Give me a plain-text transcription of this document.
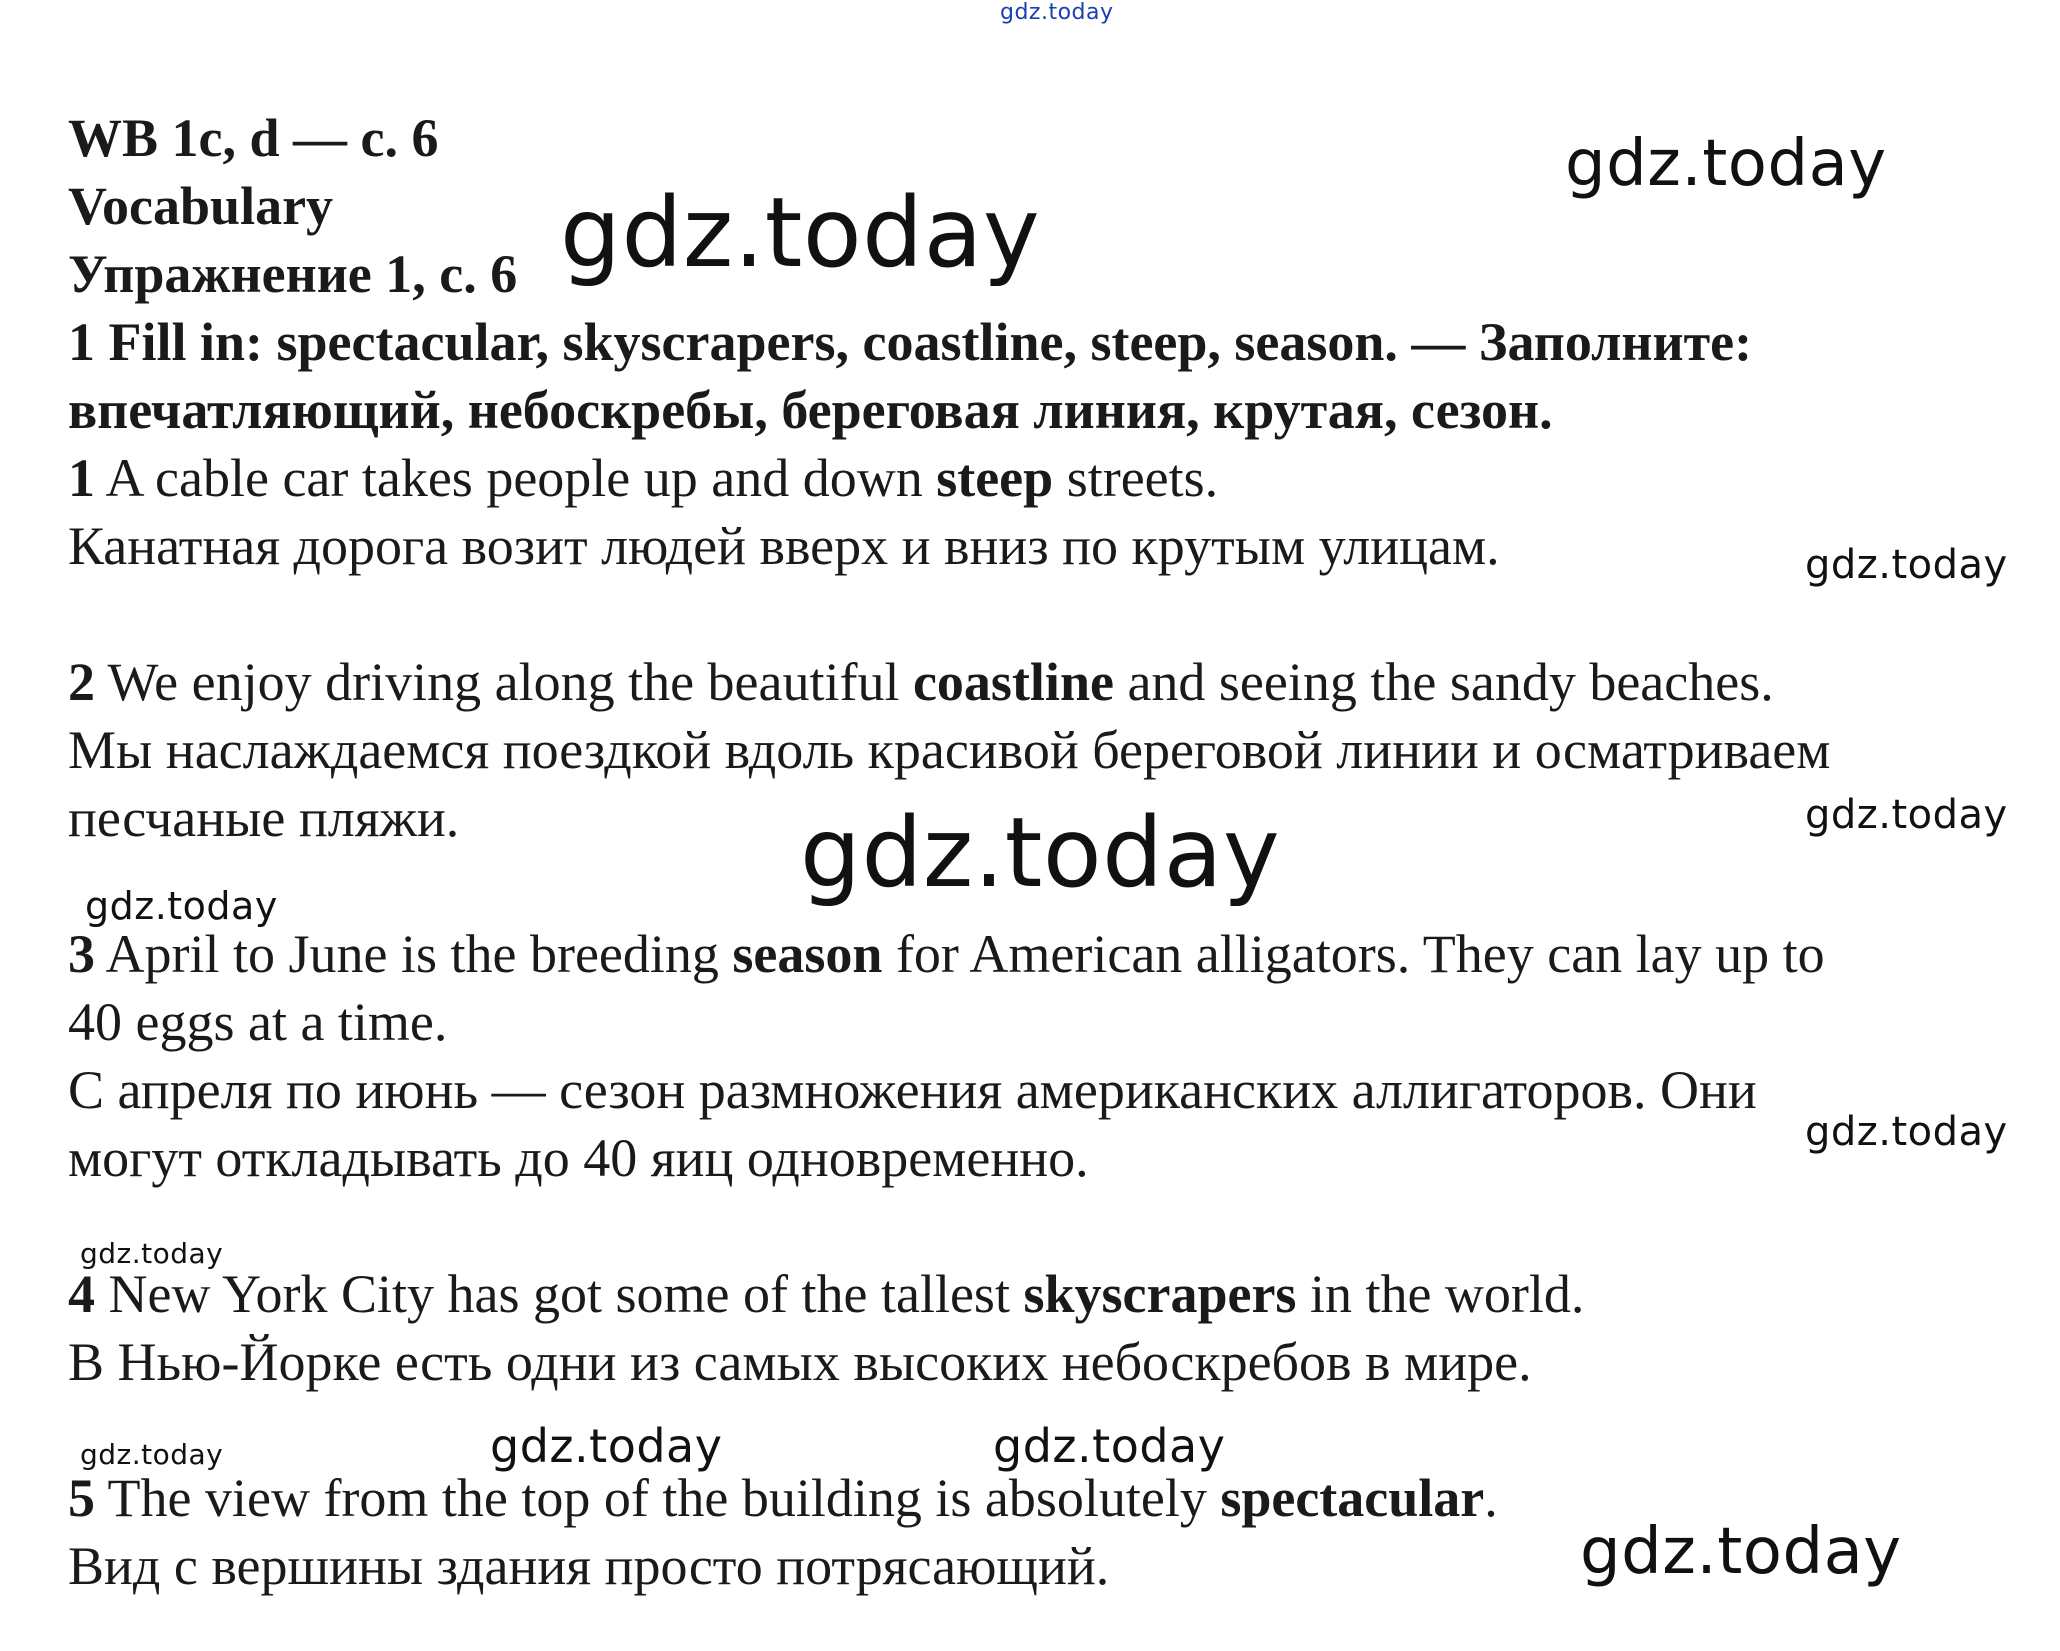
gdz.today

WB 1c, d — c. 6

Vocabulary

Упражнение 1, с. 6

1 Fill in: spectacular, skyscrapers, coastline, steep, season. — Заполните:

впечатляющий, небоскребы, береговая линия, крутая, сезон.

1 A cable car takes people up and down steep streets.

Канатная дорога возит людей вверх и вниз по крутым улицам.

2 We enjoy driving along the beautiful coastline and seeing the sandy beaches.

Мы наслаждаемся поездкой вдоль красивой береговой линии и осматриваем

песчаные пляжи.

3 April to June is the breeding season for American alligators. They can lay up to

40 eggs at a time.

С апреля по июнь — сезон размножения американских аллигаторов. Они

могут откладывать до 40 яиц одновременно.

4 New York City has got some of the tallest skyscrapers in the world.

В Нью-Йорке есть одни из самых высоких небоскребов в мире.

5 The view from the top of the building is absolutely spectacular.

Вид с вершины здания просто потрясающий.

gdz.today
gdz.today
gdz.today
gdz.today
gdz.today
gdz.today
gdz.today
gdz.today
gdz.today	gdz.today	gdz.today
gdz.today
